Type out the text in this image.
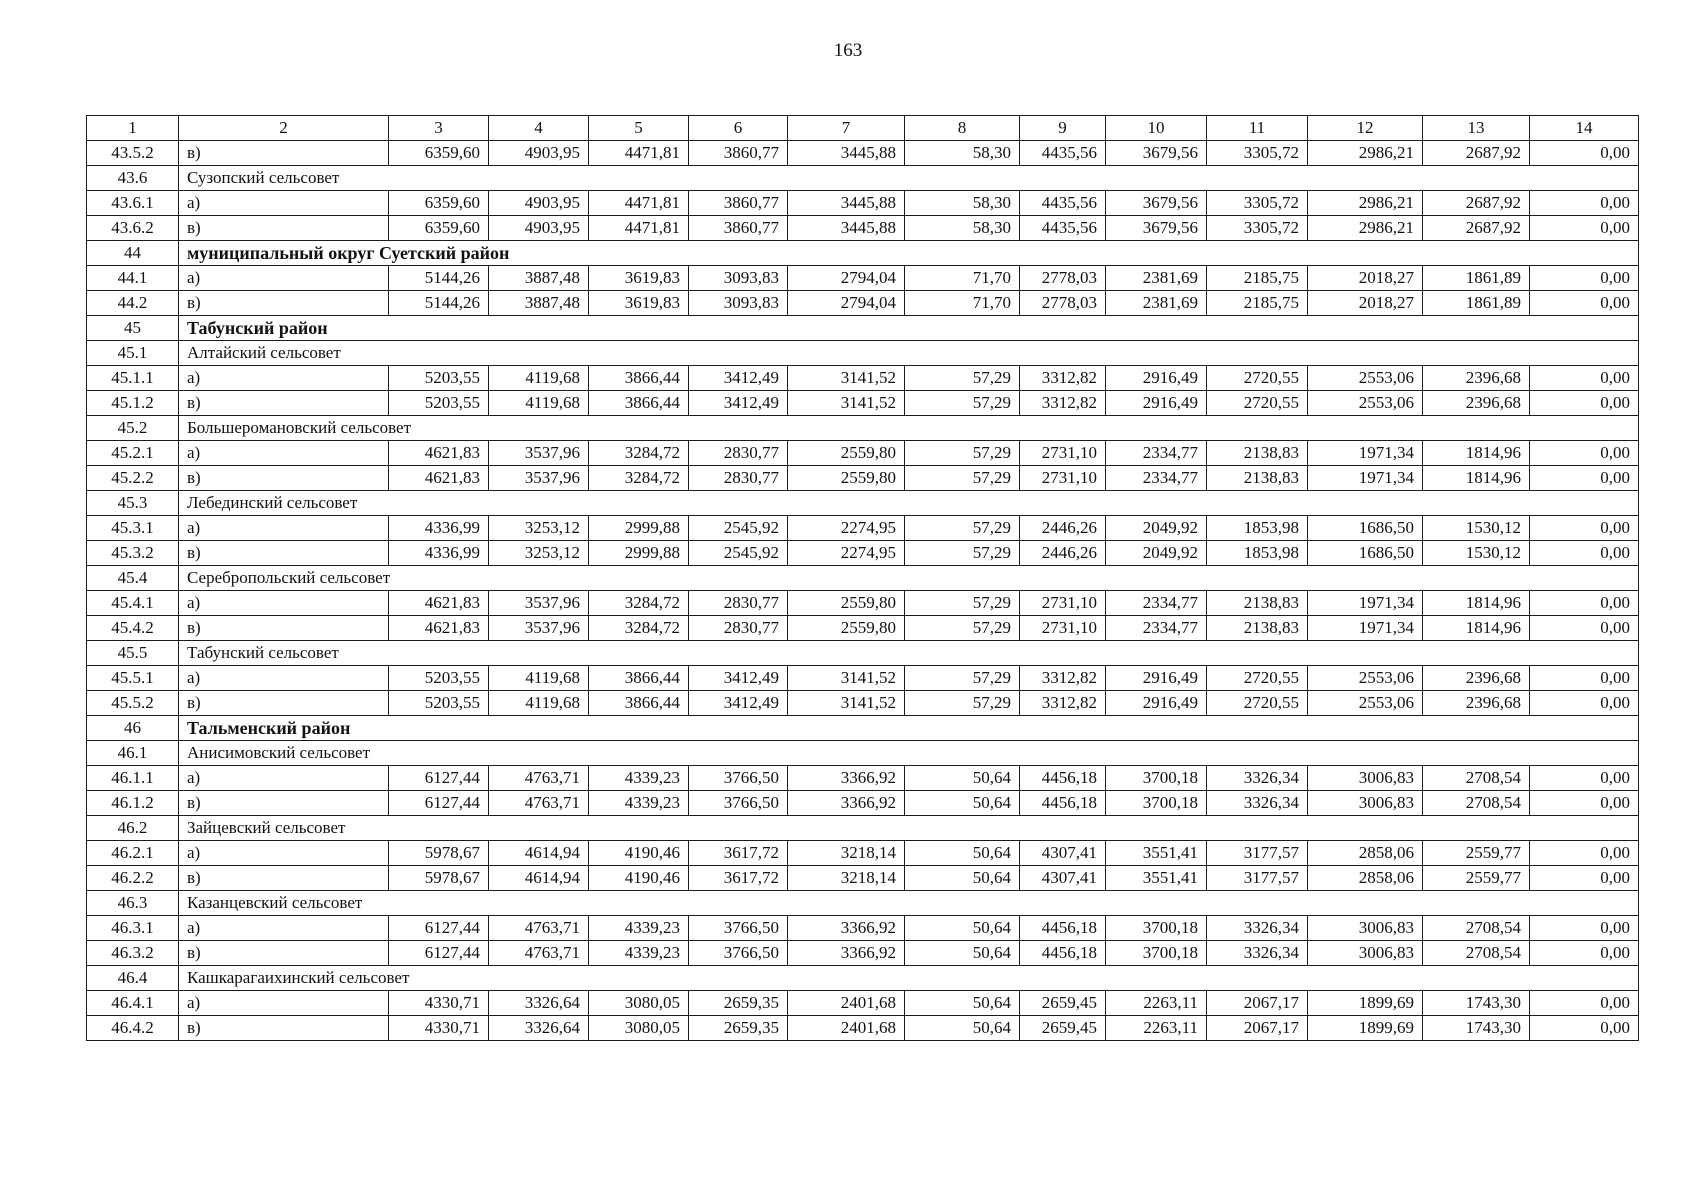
163
1	2	3	4	5	6	7	8	9	10	11	12	13	14
43.5.2	в)	6359,60	4903,95	4471,81	3860,77	3445,88	58,30	4435,56	3679,56	3305,72	2986,21	2687,92	0,00
43.6	Сузопский сельсовет												
43.6.1	а)	6359,60	4903,95	4471,81	3860,77	3445,88	58,30	4435,56	3679,56	3305,72	2986,21	2687,92	0,00
43.6.2	в)	6359,60	4903,95	4471,81	3860,77	3445,88	58,30	4435,56	3679,56	3305,72	2986,21	2687,92	0,00
44	муниципальный округ Суетский район												
44.1	а)	5144,26	3887,48	3619,83	3093,83	2794,04	71,70	2778,03	2381,69	2185,75	2018,27	1861,89	0,00
44.2	в)	5144,26	3887,48	3619,83	3093,83	2794,04	71,70	2778,03	2381,69	2185,75	2018,27	1861,89	0,00
45	Табунский район												
45.1	Алтайский сельсовет												
45.1.1	а)	5203,55	4119,68	3866,44	3412,49	3141,52	57,29	3312,82	2916,49	2720,55	2553,06	2396,68	0,00
45.1.2	в)	5203,55	4119,68	3866,44	3412,49	3141,52	57,29	3312,82	2916,49	2720,55	2553,06	2396,68	0,00
45.2	Большеромановский сельсовет												
45.2.1	а)	4621,83	3537,96	3284,72	2830,77	2559,80	57,29	2731,10	2334,77	2138,83	1971,34	1814,96	0,00
45.2.2	в)	4621,83	3537,96	3284,72	2830,77	2559,80	57,29	2731,10	2334,77	2138,83	1971,34	1814,96	0,00
45.3	Лебединский сельсовет												
45.3.1	а)	4336,99	3253,12	2999,88	2545,92	2274,95	57,29	2446,26	2049,92	1853,98	1686,50	1530,12	0,00
45.3.2	в)	4336,99	3253,12	2999,88	2545,92	2274,95	57,29	2446,26	2049,92	1853,98	1686,50	1530,12	0,00
45.4	Серебропольский сельсовет												
45.4.1	а)	4621,83	3537,96	3284,72	2830,77	2559,80	57,29	2731,10	2334,77	2138,83	1971,34	1814,96	0,00
45.4.2	в)	4621,83	3537,96	3284,72	2830,77	2559,80	57,29	2731,10	2334,77	2138,83	1971,34	1814,96	0,00
45.5	Табунский сельсовет												
45.5.1	а)	5203,55	4119,68	3866,44	3412,49	3141,52	57,29	3312,82	2916,49	2720,55	2553,06	2396,68	0,00
45.5.2	в)	5203,55	4119,68	3866,44	3412,49	3141,52	57,29	3312,82	2916,49	2720,55	2553,06	2396,68	0,00
46	Тальменский район												
46.1	Анисимовский сельсовет												
46.1.1	а)	6127,44	4763,71	4339,23	3766,50	3366,92	50,64	4456,18	3700,18	3326,34	3006,83	2708,54	0,00
46.1.2	в)	6127,44	4763,71	4339,23	3766,50	3366,92	50,64	4456,18	3700,18	3326,34	3006,83	2708,54	0,00
46.2	Зайцевский сельсовет												
46.2.1	а)	5978,67	4614,94	4190,46	3617,72	3218,14	50,64	4307,41	3551,41	3177,57	2858,06	2559,77	0,00
46.2.2	в)	5978,67	4614,94	4190,46	3617,72	3218,14	50,64	4307,41	3551,41	3177,57	2858,06	2559,77	0,00
46.3	Казанцевский сельсовет												
46.3.1	а)	6127,44	4763,71	4339,23	3766,50	3366,92	50,64	4456,18	3700,18	3326,34	3006,83	2708,54	0,00
46.3.2	в)	6127,44	4763,71	4339,23	3766,50	3366,92	50,64	4456,18	3700,18	3326,34	3006,83	2708,54	0,00
46.4	Кашкарагаихинский сельсовет												
46.4.1	а)	4330,71	3326,64	3080,05	2659,35	2401,68	50,64	2659,45	2263,11	2067,17	1899,69	1743,30	0,00
46.4.2	в)	4330,71	3326,64	3080,05	2659,35	2401,68	50,64	2659,45	2263,11	2067,17	1899,69	1743,30	0,00
